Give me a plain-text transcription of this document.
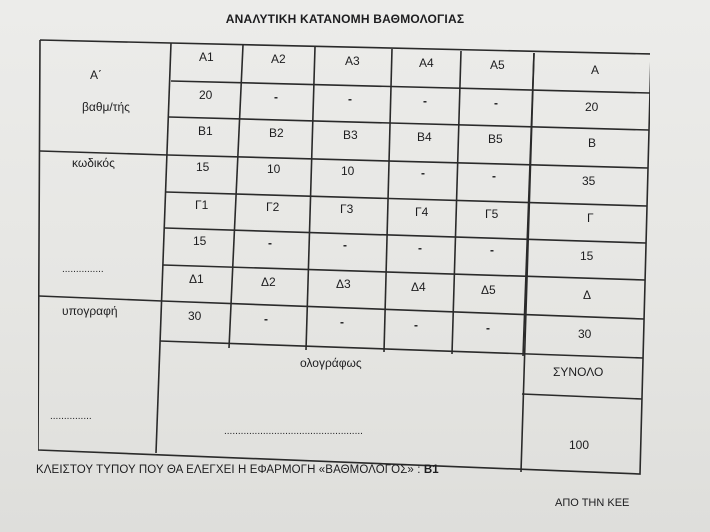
ΑΝΑΛΥΤΙΚΗ ΚΑΤΑΝΟΜΗ ΒΑΘΜΟΛΟΓΙΑΣ
Α΄
βαθμ/τής
κωδικός
...............
υπογραφή
...............
Α1	Α2	Α3	Α4	Α5	Α
20	-	-	-	-	20
Β1	Β2	Β3	Β4	Β5	Β
15	10	10	-	-	35
Γ1	Γ2	Γ3	Γ4	Γ5	Γ
15	-	-	-	-	15
Δ1	Δ2	Δ3	Δ4	Δ5	Δ
30	-	-	-	-	30
ολογράφως
..................................................
ΣΥΝΟΛΟ
100
ΚΛΕΙΣΤΟΥ ΤΥΠΟΥ ΠΟΥ ΘΑ ΕΛΕΓΧΕΙ Η ΕΦΑΡΜΟΓΗ «ΒΑΘΜΟΛΟΓΟΣ» : Β1
ΑΠΟ ΤΗΝ ΚΕΕ
